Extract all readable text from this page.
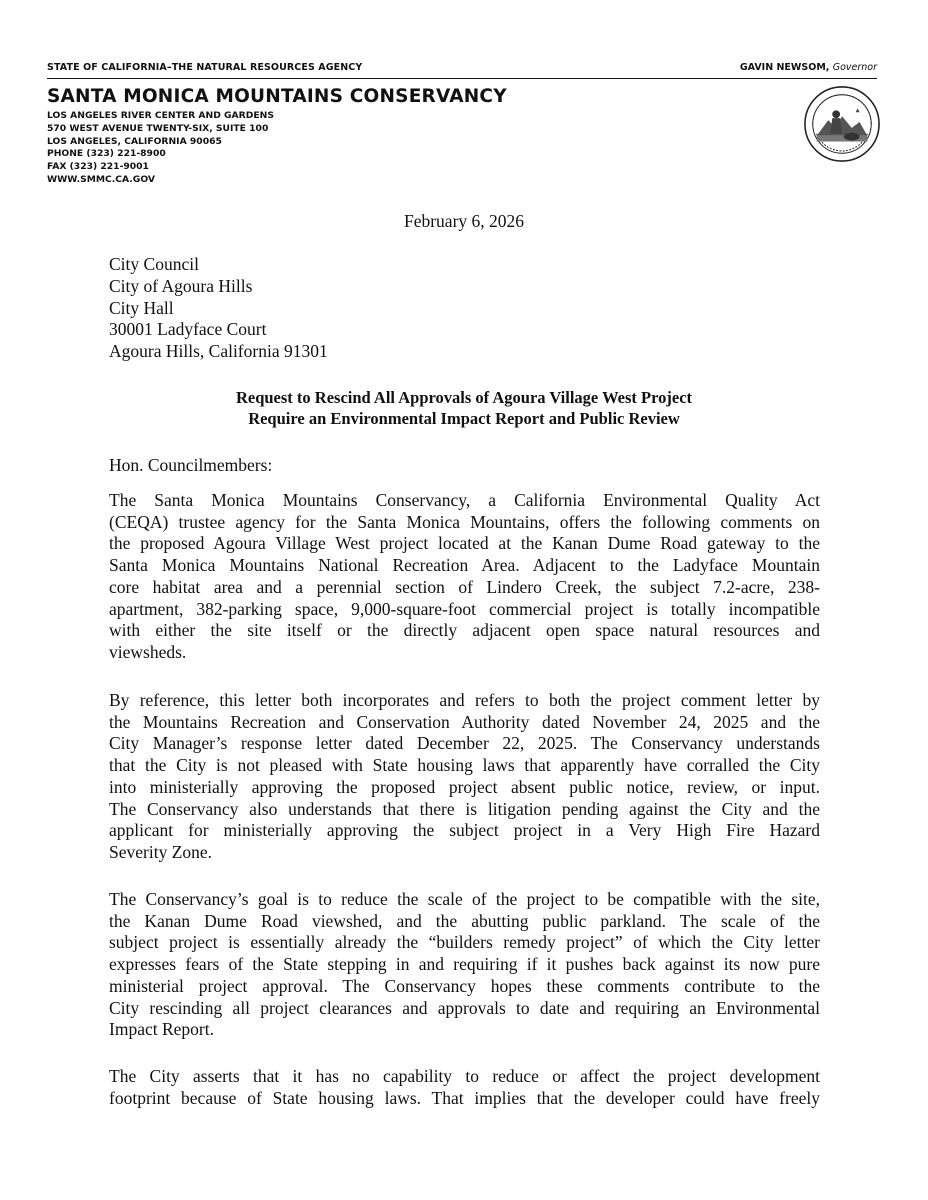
STATE OF CALIFORNIA–THE NATURAL RESOURCES AGENCY	GAVIN NEWSOM, Governor
SANTA MONICA MOUNTAINS CONSERVANCY
LOS ANGELES RIVER CENTER AND GARDENS
570 WEST AVENUE TWENTY-SIX, SUITE 100
LOS ANGELES, CALIFORNIA 90065
PHONE (323) 221-8900
FAX (323) 221-9001
WWW.SMMC.CA.GOV
February 6, 2026
City Council
City of Agoura Hills
City Hall
30001 Ladyface Court
Agoura Hills, California 91301
Request to Rescind All Approvals of Agoura Village West Project
Require an Environmental Impact Report and Public Review
Hon. Councilmembers:
The Santa Monica Mountains Conservancy, a California Environmental Quality Act
(CEQA) trustee agency for the Santa Monica Mountains, offers the following comments on
the proposed Agoura Village West project located at the Kanan Dume Road gateway to the
Santa Monica Mountains National Recreation Area. Adjacent to the Ladyface Mountain
core habitat area and a perennial section of Lindero Creek, the subject 7.2-acre, 238-
apartment, 382-parking space, 9,000-square-foot commercial project is totally incompatible
with either the site itself or the directly adjacent open space natural resources and
viewsheds.
By reference, this letter both incorporates and refers to both the project comment letter by
the Mountains Recreation and Conservation Authority dated November 24, 2025 and the
City Manager’s response letter dated December 22, 2025. The Conservancy understands
that the City is not pleased with State housing laws that apparently have corralled the City
into ministerially approving the proposed project absent public notice, review, or input.
The Conservancy also understands that there is litigation pending against the City and the
applicant for ministerially approving the subject project in a Very High Fire Hazard
Severity Zone.
The Conservancy’s goal is to reduce the scale of the project to be compatible with the site,
the Kanan Dume Road viewshed, and the abutting public parkland. The scale of the
subject project is essentially already the “builders remedy project” of which the City letter
expresses fears of the State stepping in and requiring if it pushes back against its now pure
ministerial project approval. The Conservancy hopes these comments contribute to the
City rescinding all project clearances and approvals to date and requiring an Environmental
Impact Report.
The City asserts that it has no capability to reduce or affect the project development
footprint because of State housing laws. That implies that the developer could have freely
